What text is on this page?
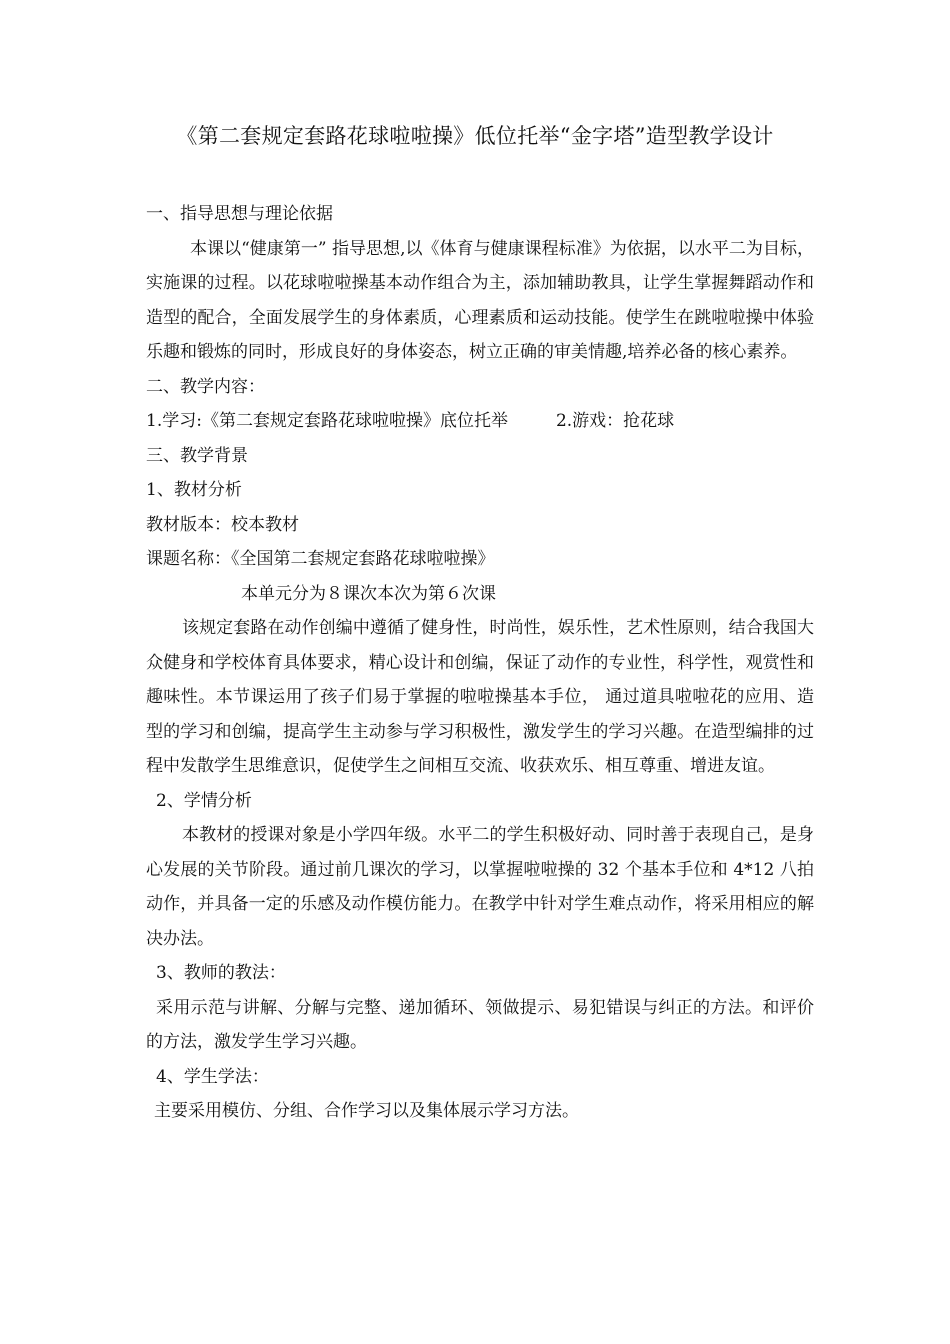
《第二套规定套路花球啦啦操》低位托举“金字塔”造型教学设计

一、指导思想与理论依据

本课以“健康第一” 指导思想,以《体育与健康课程标准》为依据，以水平二为目标，实施课的过程。以花球啦啦操基本动作组合为主，添加辅助教具，让学生掌握舞蹈动作和造型的配合，全面发展学生的身体素质，心理素质和运动技能。使学生在跳啦啦操中体验乐趣和锻炼的同时，形成良好的身体姿态，树立正确的审美情趣,培养必备的核心素养。

二、教学内容：

1.学习:《第二套规定套路花球啦啦操》底位托举	2.游戏：抢花球

三、教学背景

1、教材分析

教材版本：校本教材

课题名称：《全国第二套规定套路花球啦啦操》

本单元分为８课次本次为第６次课

该规定套路在动作创编中遵循了健身性，时尚性，娱乐性，艺术性原则，结合我国大众健身和学校体育具体要求，精心设计和创编，保证了动作的专业性，科学性，观赏性和趣味性。本节课运用了孩子们易于掌握的啦啦操基本手位， 通过道具啦啦花的应用、造型的学习和创编，提高学生主动参与学习积极性，激发学生的学习兴趣。在造型编排的过程中发散学生思维意识，促使学生之间相互交流、收获欢乐、相互尊重、增进友谊。

2、学情分析

本教材的授课对象是小学四年级。水平二的学生积极好动、同时善于表现自己，是身心发展的关节阶段。通过前几课次的学习，以掌握啦啦操的 32 个基本手位和 4*12 八拍动作，并具备一定的乐感及动作模仿能力。在教学中针对学生难点动作，将采用相应的解决办法。

3、教师的教法：

采用示范与讲解、分解与完整、递加循环、领做提示、易犯错误与纠正的方法。和评价的方法，激发学生学习兴趣。

4、学生学法：

主要采用模仿、分组、合作学习以及集体展示学习方法。
